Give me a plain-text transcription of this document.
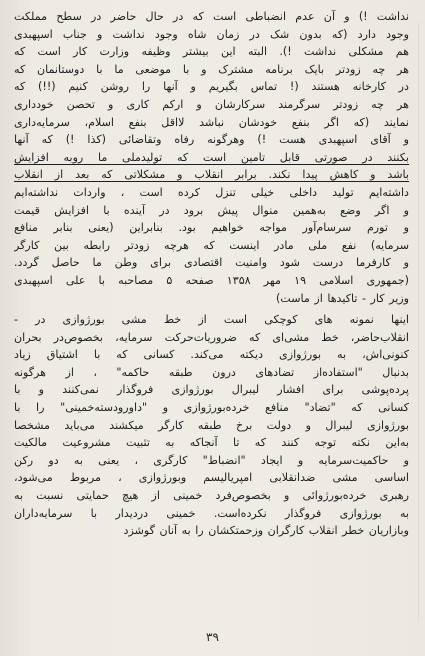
نداشت !) و آن عدم انضباطی است که در حال حاضر در سطح مملکت
وجود دارد (که بدون شک در زمان شاه وجود نداشت و جناب اسپهبدی
هم مشکلی نداشت !). البته این بیشتر وظیفه وزارت کار است که
هر چه زودتر بایک برنامه مشترک و با موضعی ما با دوستانمان که
در کارخانه هستند (! تماس بگیریم و آنها را روشن کنیم (!!) که
هر چه زودتر سرگرمند سرکارشان و ارکم کاری و تحصن خودداری
نمایند (که اگر بنفع خودشان نباشد لااقل بنفع اسلام، سرمایه‌داری
و آقای اسپهبدی هست !) وهرگونه رفاه وتقاضائی (کذا !) که آنها
بکنند در صورتی قابل تامین است که تولیدملی ما روبه افزایش
باشد و کاهش پیدا نکند. برابر انقلاب و مشکلاتی که بعد از انقلاب
داشته‌ایم تولید داخلی خیلی تنزل کرده است ، واردات نداشته‌ایم
و اگر وضع به‌همین منوال پیش برود در آینده با افزایش قیمت
و تورم سرسام‌آور مواجه خواهیم بود. بنابراین (یعنی بنابر منافع
سرمایه) نفع ملی مادر اینست که هرچه زودتر رابطه بین کارگر
و کارفرما درست شود وامنیت اقتصادی برای وطن ما حاصل گردد.
(جمهوری اسلامی ۱۹ مهر ۱۳۵۸ صفحه ۵ مصاحبه با علی اسپهبدی
وزیر کار - تاکیدها از ماست)
اینها نمونه های کوچکی است از خط مشی بورژوازی در -
انقلاب‌حاضر، خط مشی‌ای که ضروریات‌حرکت سرمایه، بخصوص‌در بحران
کنونی‌اش، به بورژوازی دیکته می‌کند. کسانی که با اشتیاق زیاد
بدنبال "استفاده‌از تضادهای درون طبقه حاکمه" ، از هرگونه
پرده‌پوشی برای افشار لیبرال بورژوازی فروگذار نمی‌کنند و با
کسانی که "تضاد" منافع خرده‌بورژوازی و "داورودسته‌خمینی" را با
بورژوازی لیبرال و دولت برخ طبقه کارگر میکشند می‌باید مشخصا
به‌این نکته توجه کنند که تا آنجاکه به تثبیت مشروعیت مالکیت
و حاکمیت‌سرمایه و ایجاد "انضباط" کارگری ، یعنی به دو رکن
اساسی مشی ضدانقلابی امپریالیسم وبورژوازی ، مربوط می‌شود،
رهبری خرده‌بورژوائی و بخصوص‌فرد خمینی از هیچ حمایتی نسبت به
به بورژوازی فروگذار نکرده‌است. خمینی دردیدار با سرمایه‌داران
وبازاریان خطر انقلاب کارگران وزحمتکشان را به آنان گوشزد
۳۹
